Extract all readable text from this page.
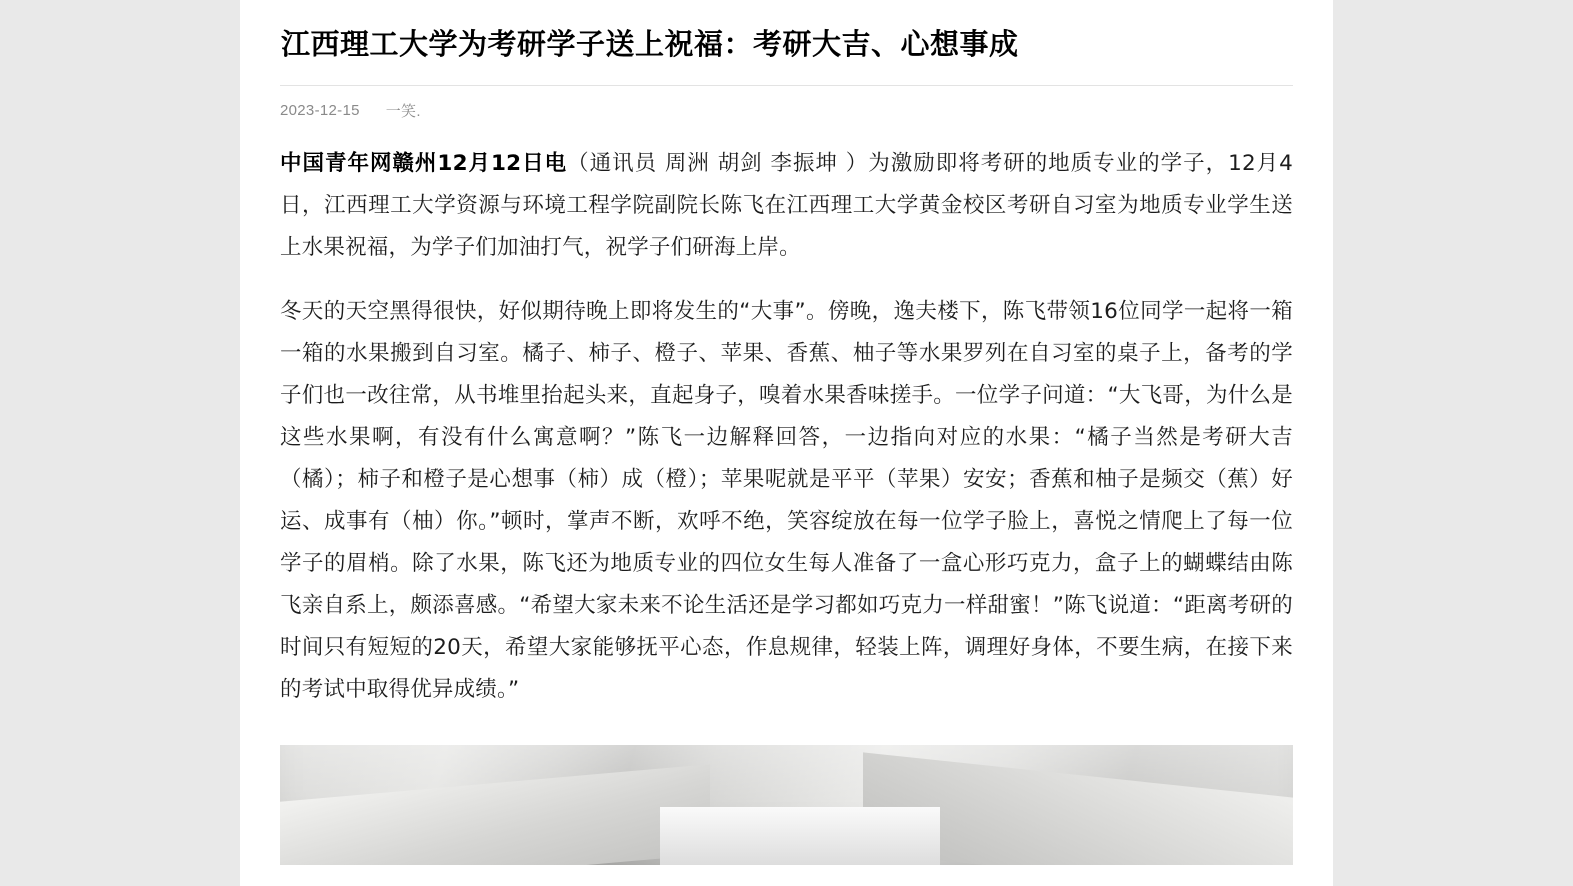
江西理工大学为考研学子送上祝福：考研大吉、心想事成
2023-12-15 一笑.

中国青年网赣州12月12日电（通讯员 周洲 胡剑 李振坤 ）为激励即将考研的地质专业的学子，12月4日，江西理工大学资源与环境工程学院副院长陈飞在江西理工大学黄金校区考研自习室为地质专业学生送上水果祝福，为学子们加油打气，祝学子们研海上岸。

冬天的天空黑得很快，好似期待晚上即将发生的“大事”。傍晚，逸夫楼下，陈飞带领16位同学一起将一箱一箱的水果搬到自习室。橘子、柿子、橙子、苹果、香蕉、柚子等水果罗列在自习室的桌子上，备考的学子们也一改往常，从书堆里抬起头来，直起身子，嗅着水果香味搓手。一位学子问道：“大飞哥，为什么是这些水果啊，有没有什么寓意啊？”陈飞一边解释回答，一边指向对应的水果：“橘子当然是考研大吉（橘）；柿子和橙子是心想事（柿）成（橙）；苹果呢就是平平（苹果）安安；香蕉和柚子是频交（蕉）好运、成事有（柚）你。”顿时，掌声不断，欢呼不绝，笑容绽放在每一位学子脸上，喜悦之情爬上了每一位学子的眉梢。除了水果，陈飞还为地质专业的四位女生每人准备了一盒心形巧克力，盒子上的蝴蝶结由陈飞亲自系上，颇添喜感。“希望大家未来不论生活还是学习都如巧克力一样甜蜜！”陈飞说道：“距离考研的时间只有短短的20天，希望大家能够抚平心态，作息规律，轻装上阵，调理好身体，不要生病，在接下来的考试中取得优异成绩。”
